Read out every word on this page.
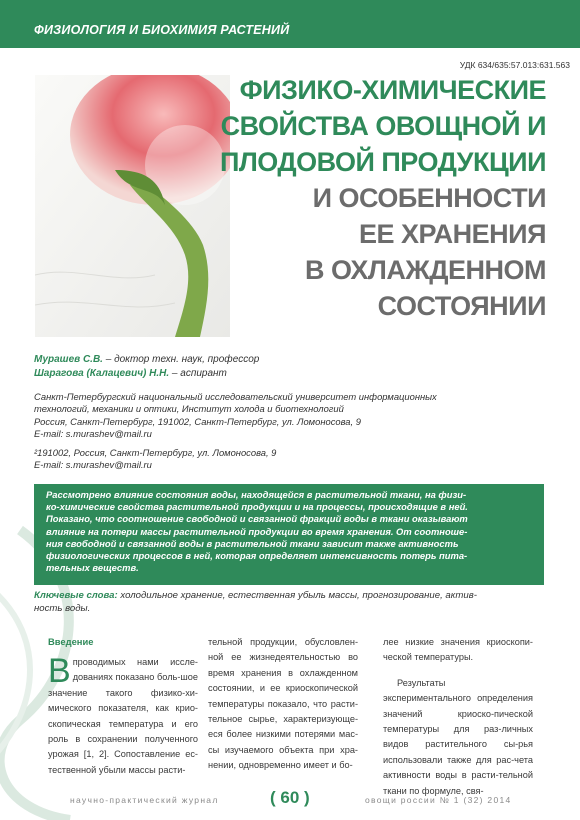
ФИЗИОЛОГИЯ И БИОХИМИЯ РАСТЕНИЙ
УДК 634/635:57.013:631.563
ФИЗИКО-ХИМИЧЕСКИЕ
СВОЙСТВА ОВОЩНОЙ И
ПЛОДОВОЙ ПРОДУКЦИИ
И ОСОБЕННОСТИ
ЕЕ ХРАНЕНИЯ
В ОХЛАЖДЕННОМ
СОСТОЯНИИ
Мурашев С.В. – доктор техн. наук, профессор
Шарагова (Калацевич) Н.Н. – аспирант
Санкт-Петербургский национальный исследовательский университет информационных
технологий, механики и оптики, Институт холода и биотехнологий
Россия, Санкт-Петербург, 191002, Санкт-Петербург, ул. Ломоносова, 9
E-mail: s.murashev@mail.ru
²191002, Россия, Санкт-Петербург, ул. Ломоносова, 9
E-mail: s.murashev@mail.ru
Рассмотрено влияние состояния воды, находящейся в растительной ткани, на физи-
ко-химические свойства растительной продукции и на процессы, происходящие в ней.
Показано, что соотношение свободной и связанной фракций воды в ткани оказывают
влияние на потери массы растительной продукции во время хранения. От соотноше-
ния свободной и связанной воды в растительной ткани зависит также активность
физиологических процессов в ней, которая определяет интенсивность потерь пита-
тельных веществ.
Ключевые слова: холодильное хранение, естественная убыль массы, прогнозирование, актив-
ность воды.
Введение

Впроводимых нами иссле-дованиях показано боль-шое значение такого физико-хи-мического показателя, как крио-скопическая температура и его роль в сохранении полученного урожая [1, 2]. Сопоставление ес-тественной убыли массы расти-

тельной продукции, обусловлен-ной ее жизнедеятельностью во время хранения в охлажденном состоянии, и ее криоскопической температуры показало, что расти-тельное сырье, характеризующе-еся более низкими потерями мас-сы изучаемого объекта при хра-нении, одновременно имеет и бо-

лее низкие значения криоскопи-ческой температуры.

Результаты экспериментального определения значений криоско-пической температуры для раз-личных видов растительного сы-рья использовали также для рас-чета активности воды в расти-тельной ткани по формуле, свя-

научно-практический журнал	( 60 )	овощи россии № 1 (32) 2014
